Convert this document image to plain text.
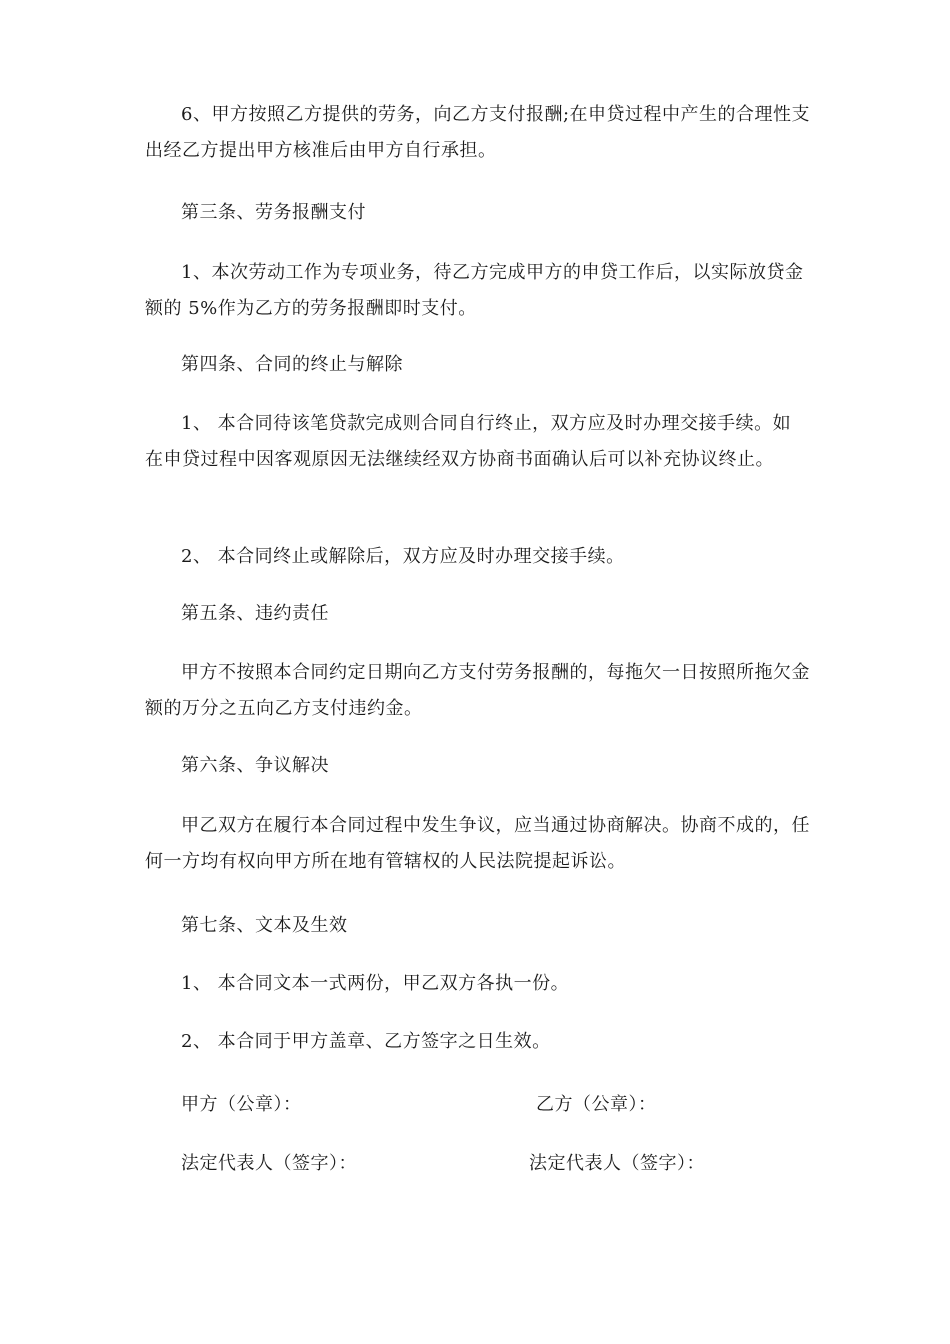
6、甲方按照乙方提供的劳务，向乙方支付报酬;在申贷过程中产生的合理性支出经乙方提出甲方核准后由甲方自行承担。

第三条、劳务报酬支付

1、本次劳动工作为专项业务，待乙方完成甲方的申贷工作后，以实际放贷金额的 5%作为乙方的劳务报酬即时支付。

第四条、合同的终止与解除

1、 本合同待该笔贷款完成则合同自行终止，双方应及时办理交接手续。如 在申贷过程中因客观原因无法继续经双方协商书面确认后可以补充协议终止。

2、 本合同终止或解除后，双方应及时办理交接手续。

第五条、违约责任

甲方不按照本合同约定日期向乙方支付劳务报酬的，每拖欠一日按照所拖欠金额的万分之五向乙方支付违约金。

第六条、争议解决

甲乙双方在履行本合同过程中发生争议，应当通过协商解决。协商不成的，任何一方均有权向甲方所在地有管辖权的人民法院提起诉讼。

第七条、文本及生效

1、 本合同文本一式两份，甲乙双方各执一份。

2、 本合同于甲方盖章、乙方签字之日生效。

甲方（公章）：	乙方（公章）：
法定代表人（签字）：	法定代表人（签字）：
